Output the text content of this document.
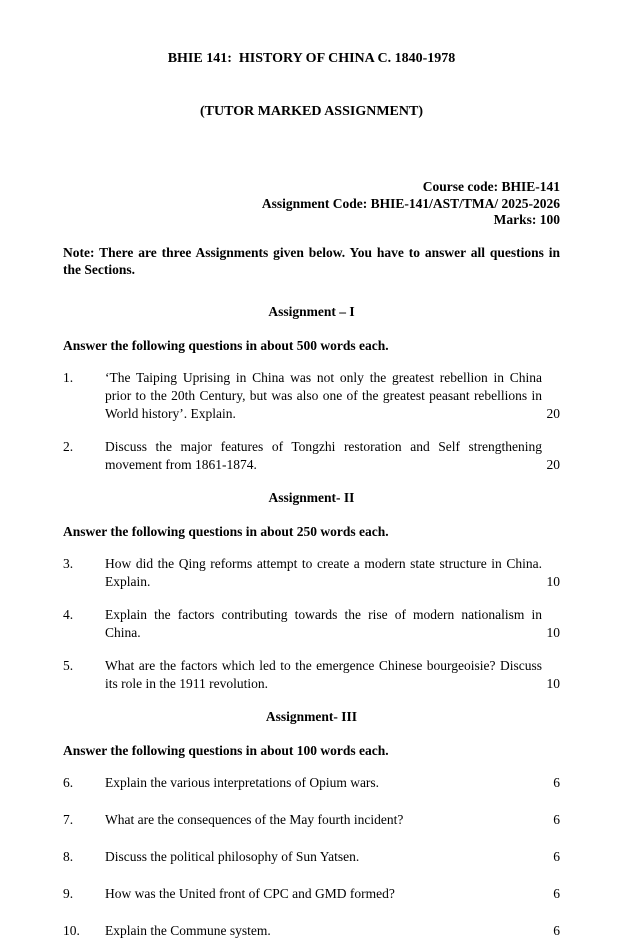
BHIE 141:  HISTORY OF CHINA C. 1840-1978

(TUTOR MARKED ASSIGNMENT)

Course code: BHIE-141
Assignment Code: BHIE-141/AST/TMA/ 2025-2026
Marks: 100
Note: There are three Assignments given below. You have to answer all questions in the Sections.
Assignment – I
Answer the following questions in about 500 words each.
1.	‘The Taiping Uprising in China was not only the greatest rebellion in China prior to the 20th Century, but was also one of the greatest peasant rebellions in World history’. Explain.	20
2.	Discuss the major features of Tongzhi restoration and Self strengthening movement from 1861-1874.	20
Assignment- II
Answer the following questions in about 250 words each.
3.	How did the Qing reforms attempt to create a modern state structure in China. Explain.	10
4.	Explain the factors contributing towards the rise of modern nationalism in China.	10
5.	What are the factors which led to the emergence Chinese bourgeoisie? Discuss its role in the 1911 revolution.	10
Assignment- III
Answer the following questions in about 100 words each.
6.	Explain the various interpretations of Opium wars.	6
7.	What are the consequences of the May fourth incident?	6
8.	Discuss the political philosophy of Sun Yatsen.	6
9.	How was the United front of CPC and GMD formed?	6
10.	Explain the Commune system.	6
